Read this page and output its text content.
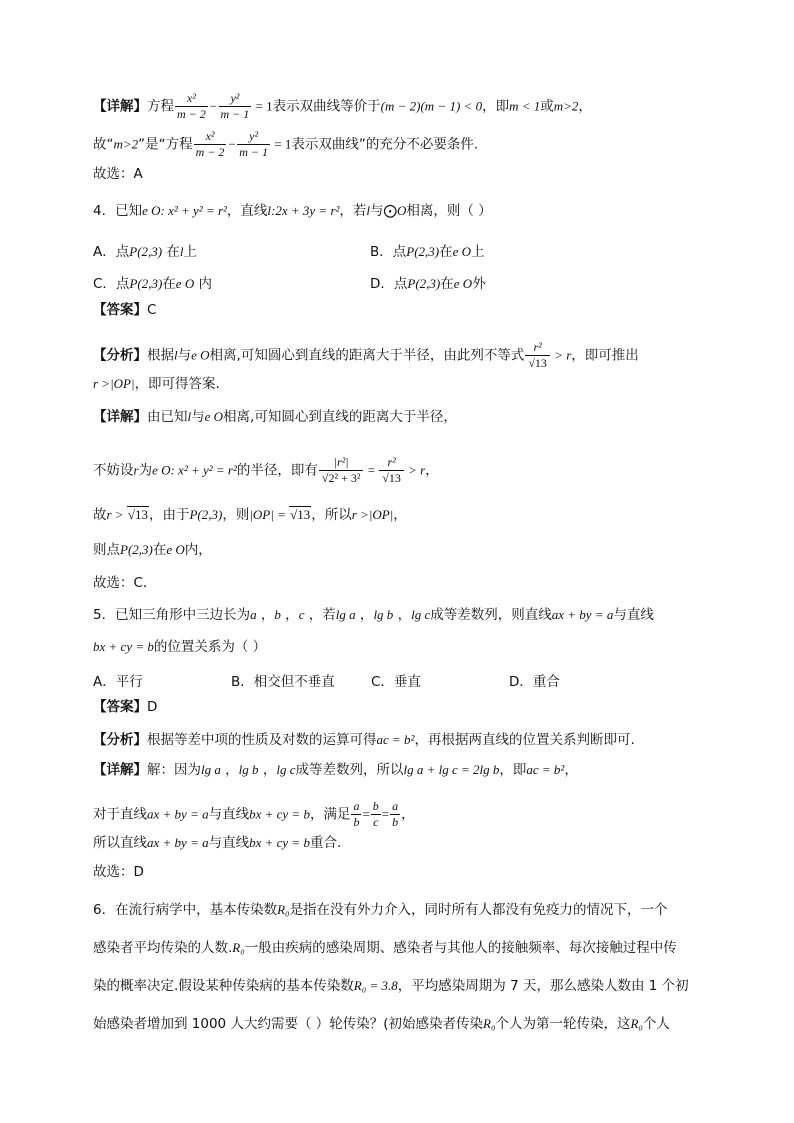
【详解】方程 $\frac{\text{x²}}{m - 2} - \frac{\text{y²}}{m - 1} = 1$表示双曲线等价于(m − 2)(m − 1) < 0，即m < 1或m>2，
故“m>2”是“方程 $\frac{\text{x²}}{m - 2} - \frac{\text{y²}}{m - 1} = 1$表示双曲线”的充分不必要条件.
故选：A
4．已知e O: x² + y² = r²，直线l:2x + 3y = r²，若l与⨀O相离，则（ ）
A．点P(2,3) 在l上	B．点P(2,3)在e O上
C．点P(2,3)在e O 内	D．点P(2,3)在e O外
【答案】C
【分析】根据l与e O相离,可知圆心到直线的距离大于半径，由此列不等式 $\frac{\text{r²}}{√13} > r$，即可推出
r >|OP|，即可得答案.
【详解】由已知l与e O相离,可知圆心到直线的距离大于半径，
不妨设r为e O: x² + y² = r²的半径，即有 $\frac{\text{|r²|}}{\text{√2² + 3²}} = \frac{\text{r²}}{√13} > r$，
故r > √13，由于P(2,3)，则|OP| = √13，所以r >|OP|，
则点P(2,3)在e O内，
故选：C．
5．已知三角形中三边长为a ，b ，c ，若lg a ，lg b ，lg c成等差数列，则直线ax + by = a与直线
bx + cy = b的位置关系为（ ）
A．平行	B．相交但不垂直	C．垂直	D．重合
【答案】D
【分析】根据等差中项的性质及对数的运算可得ac = b²，再根据两直线的位置关系判断即可.
【详解】解：因为lg a ，lg b ，lg c成等差数列，所以lg a + lg c = 2lg b，即ac = b²，
对于直线ax + by = a与直线bx + cy = b，满足 $\frac{a}{b} = \frac{b}{c} = \frac{a}{b}$ ，
所以直线ax + by = a与直线bx + cy = b重合.
故选：D
6．在流行病学中，基本传染数R₀是指在没有外力介入，同时所有人都没有免疫力的情况下，一个
感染者平均传染的人数.R₀一般由疾病的感染周期、感染者与其他人的接触频率、每次接触过程中传
染的概率决定.假设某种传染病的基本传染数R₀ = 3.8，平均感染周期为 7 天，那么感染人数由 1 个初
始感染者增加到 1000 人大约需要（ ）轮传染？(初始感染者传染R₀个人为第一轮传染，这R₀个人
